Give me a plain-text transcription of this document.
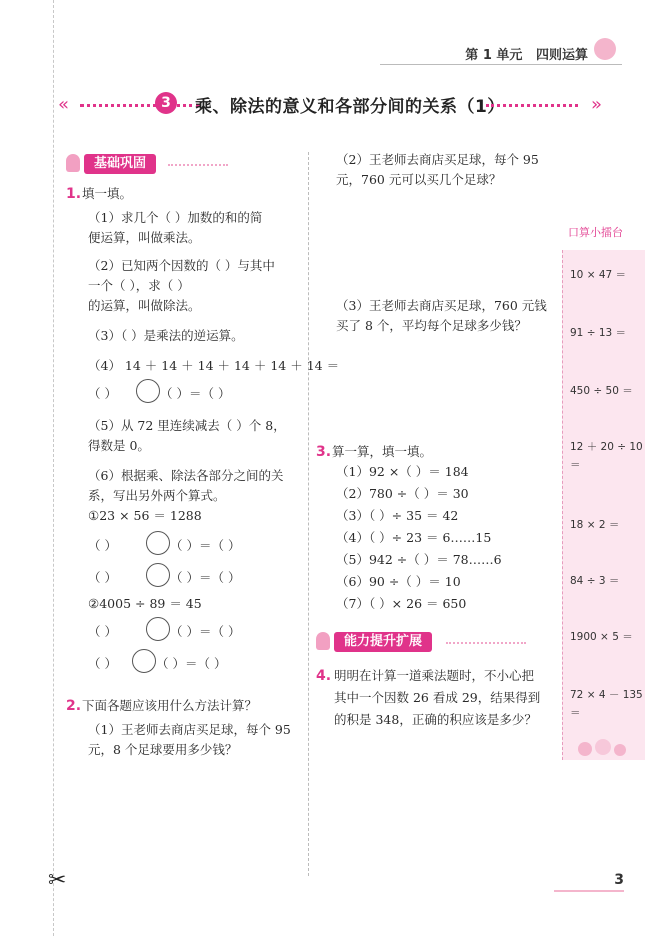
第 1 单元 四则运算
«	3	乘、除法的意义和各部分间的关系（1）	»
基础巩固
1. 填一填。
（1）求几个（ ）加数的和的简
便运算，叫做乘法。
（2）已知两个因数的（ ）与其中
一个（ ），求（ ）
的运算，叫做除法。
（3）（ ）是乘法的逆运算。
（4） 14 ＋ 14 ＋ 14 ＋ 14 ＋ 14 ＋ 14 ＝
（ ）	（ ）＝（ ）
（5）从 72 里连续减去（ ）个 8，
得数是 0。
（6）根据乘、除法各部分之间的关
系，写出另外两个算式。
①23 × 56 ＝ 1288
（ ）	（ ）＝（ ）
（ ）	（ ）＝（ ）
②4005 ÷ 89 ＝ 45
（ ）	（ ）＝（ ）
（ ）	（ ）＝（ ）
2. 下面各题应该用什么方法计算？
（1）王老师去商店买足球，每个 95
元，8 个足球要用多少钱？
（2）王老师去商店买足球，每个 95
元，760 元可以买几个足球？
（3）王老师去商店买足球，760 元钱
买了 8 个，平均每个足球多少钱？
3. 算一算，填一填。
（1）92 ×（ ）＝ 184
（2）780 ÷（ ）＝ 30
（3）（ ）÷ 35 ＝ 42
（4）（ ）÷ 23 ＝ 6……15
（5）942 ÷（ ）＝ 78……6
（6）90 ÷（ ）＝ 10
（7）（ ）× 26 ＝ 650
能力提升扩展
4. 明明在计算一道乘法题时，不小心把
其中一个因数 26 看成 29，结果得到
的积是 348，正确的积应该是多少？
口算小擂台
10 × 47 ＝
91 ÷ 13 ＝
450 ÷ 50 ＝
12 ＋ 20 ÷ 10
＝
18 × 2 ＝
84 ÷ 3 ＝
1900 × 5 ＝
72 × 4 － 135
＝
✂	3
